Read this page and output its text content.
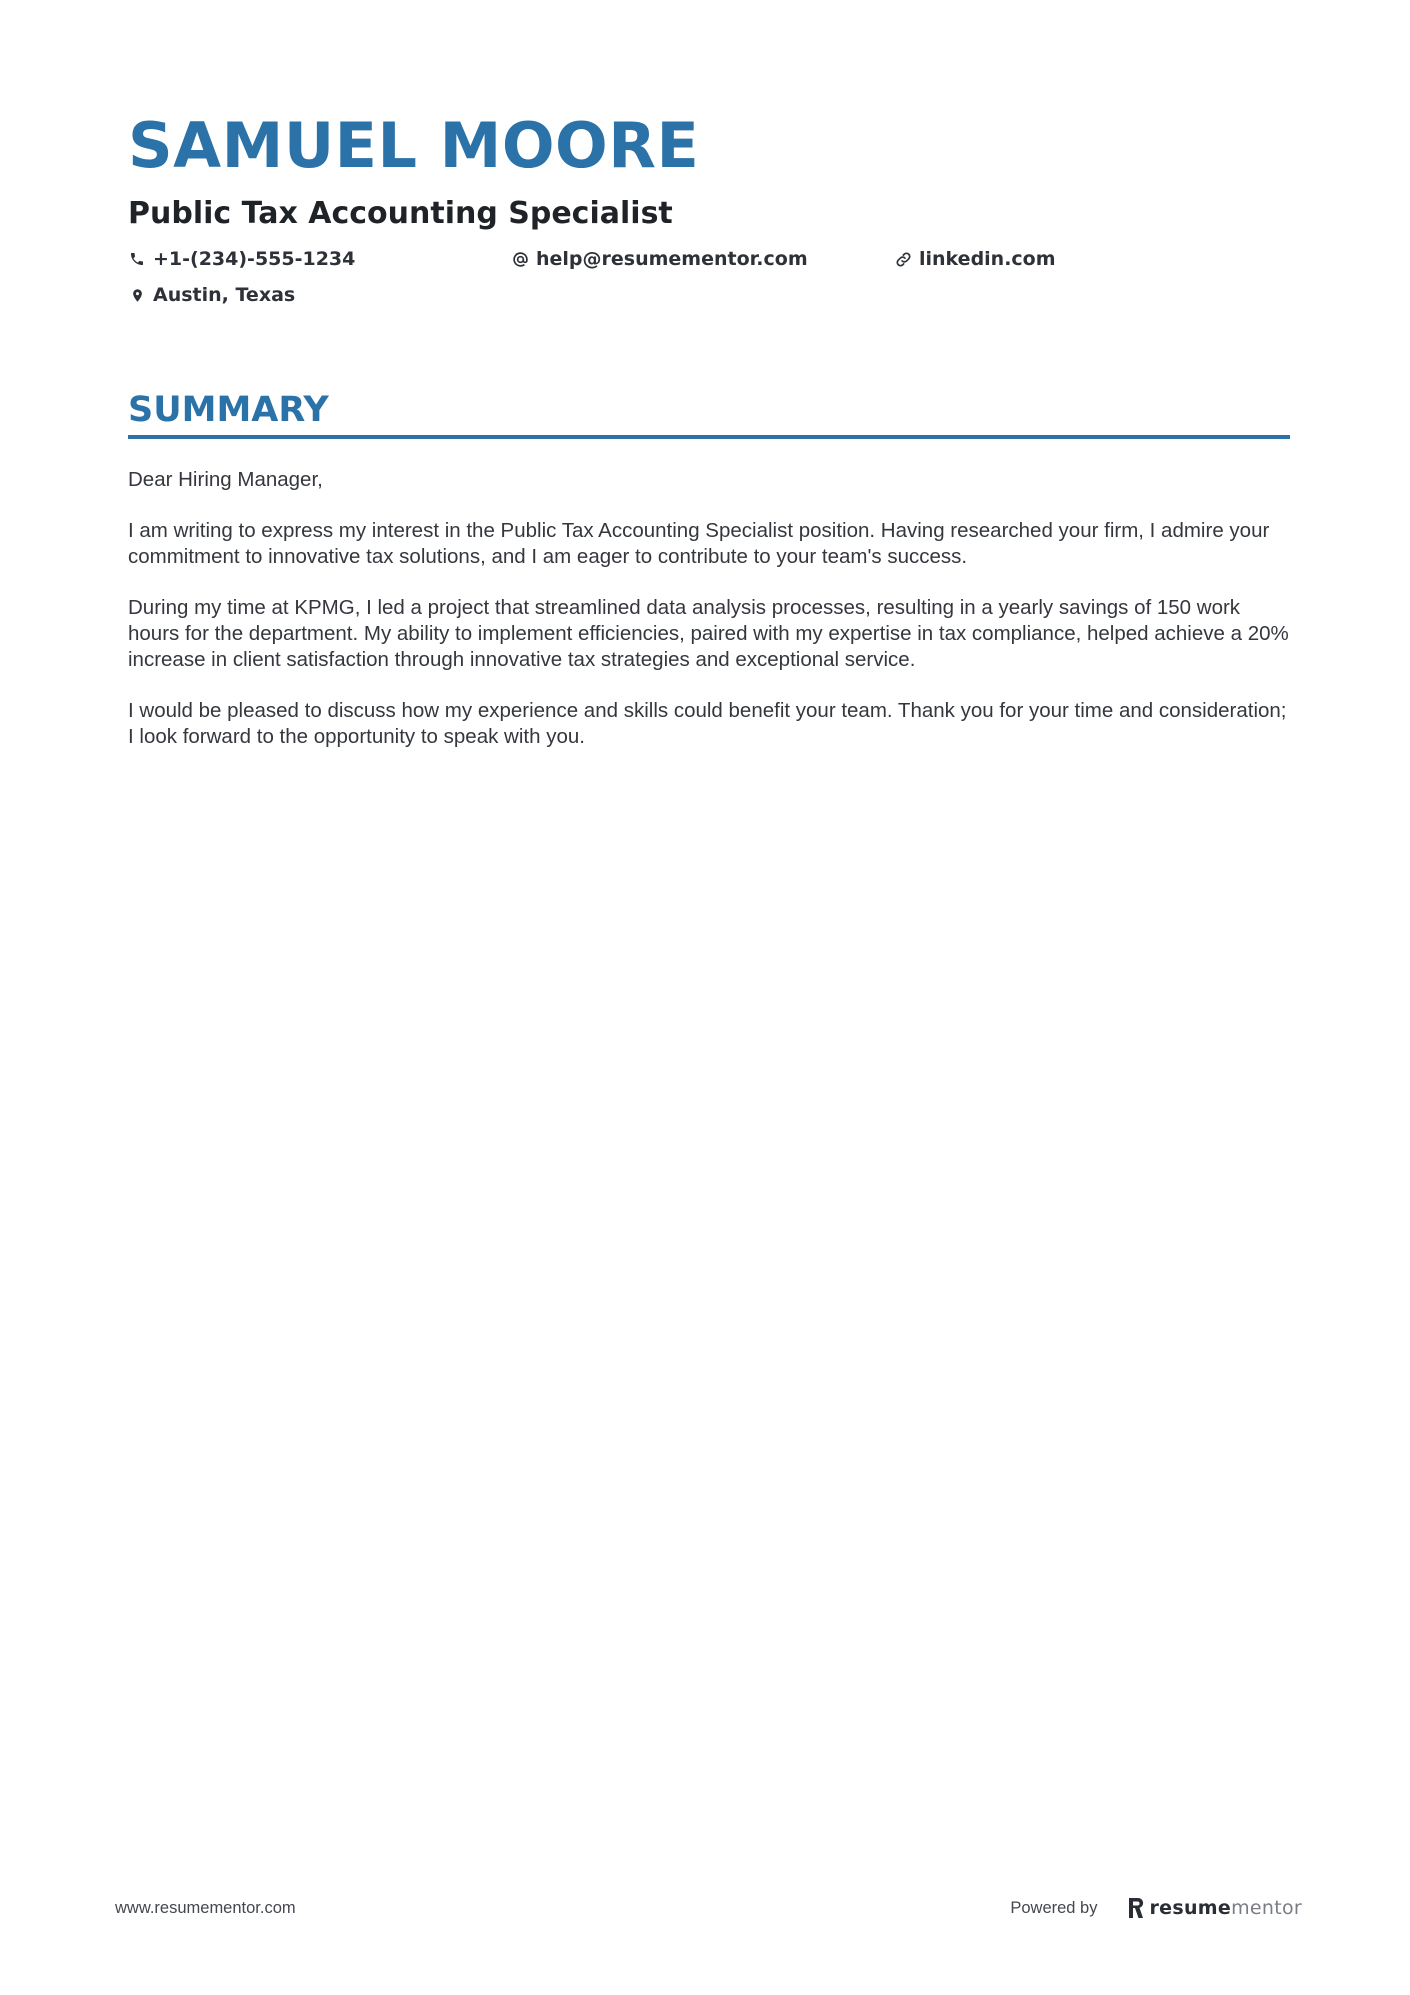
SAMUEL MOORE
Public Tax Accounting Specialist
+1-(234)-555-1234	help@resumementor.com	linkedin.com
Austin, Texas
SUMMARY

Dear Hiring Manager,

I am writing to express my interest in the Public Tax Accounting Specialist position. Having researched your firm, I admire your commitment to innovative tax solutions, and I am eager to contribute to your team's success.

During my time at KPMG, I led a project that streamlined data analysis processes, resulting in a yearly savings of 150 work hours for the department. My ability to implement efficiencies, paired with my expertise in tax compliance, helped achieve a 20% increase in client satisfaction through innovative tax strategies and exceptional service.

I would be pleased to discuss how my experience and skills could benefit your team. Thank you for your time and consideration; I look forward to the opportunity to speak with you.

www.resumementor.com	Powered by	resume mentor
